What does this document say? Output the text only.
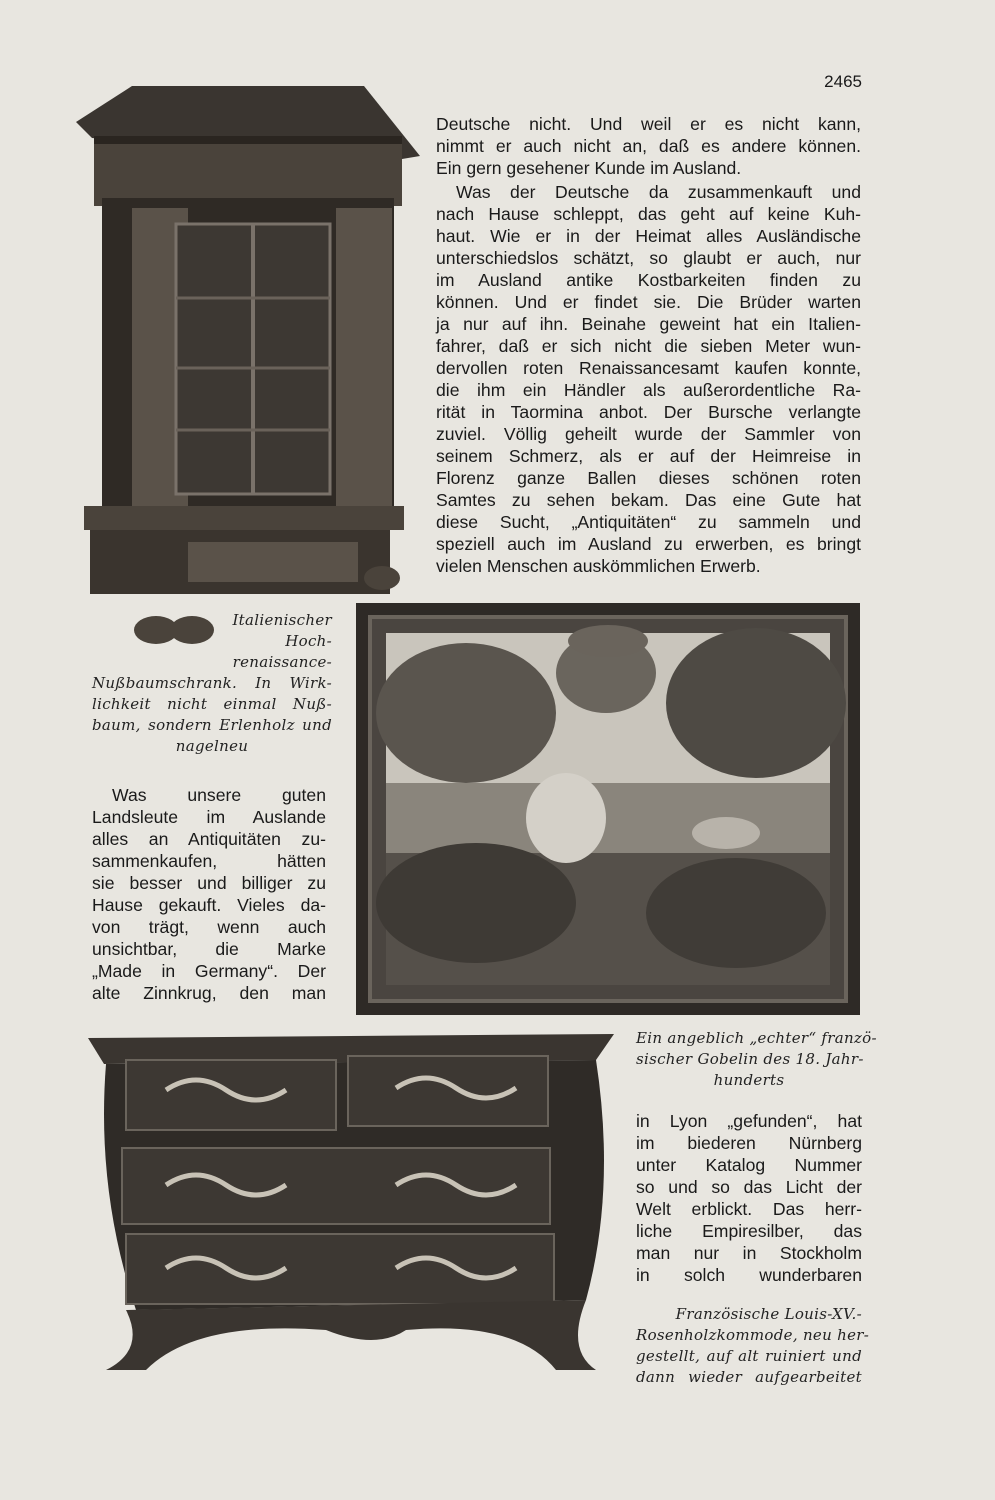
2465
Italienischer
Hoch-
renaissance-
Nußbaumschrank. In Wirk-
lichkeit nicht einmal Nuß-
baum, sondern Erlenholz und
nagelneu
Deutsche nicht. Und weil er es nicht kann,
nimmt er auch nicht an, daß es andere können.
Ein gern gesehener Kunde im Ausland.
Was der Deutsche da zusammenkauft und
nach Hause schleppt, das geht auf keine Kuh-
haut. Wie er in der Heimat alles Ausländische
unterschiedslos schätzt, so glaubt er auch, nur
im Ausland antike Kostbarkeiten finden zu
können. Und er findet sie. Die Brüder warten
ja nur auf ihn. Beinahe geweint hat ein Italien-
fahrer, daß er sich nicht die sieben Meter wun-
dervollen roten Renaissancesamt kaufen konnte,
die ihm ein Händler als außerordentliche Ra-
rität in Taormina anbot. Der Bursche verlangte
zuviel. Völlig geheilt wurde der Sammler von
seinem Schmerz, als er auf der Heimreise in
Florenz ganze Ballen dieses schönen roten
Samtes zu sehen bekam. Das eine Gute hat
diese Sucht, „Antiquitäten“ zu sammeln und
speziell auch im Ausland zu erwerben, es bringt
vielen Menschen auskömmlichen Erwerb.
Ein angeblich „echter“ franzö-
sischer Gobelin des 18. Jahr-
hunderts
Was unsere guten
Landsleute im Auslande
alles an Antiquitäten zu-
sammenkaufen, hätten
sie besser und billiger zu
Hause gekauft. Vieles da-
von trägt, wenn auch
unsichtbar, die Marke
„Made in Germany“. Der
alte Zinnkrug, den man
in Lyon „gefunden“, hat
im biederen Nürnberg
unter Katalog Nummer
so und so das Licht der
Welt erblickt. Das herr-
liche Empiresilber, das
man nur in Stockholm
in solch wunderbaren
Französische Louis-XV.-
Rosenholzkommode, neu her-
gestellt, auf alt ruiniert und
dann wieder aufgearbeitet
